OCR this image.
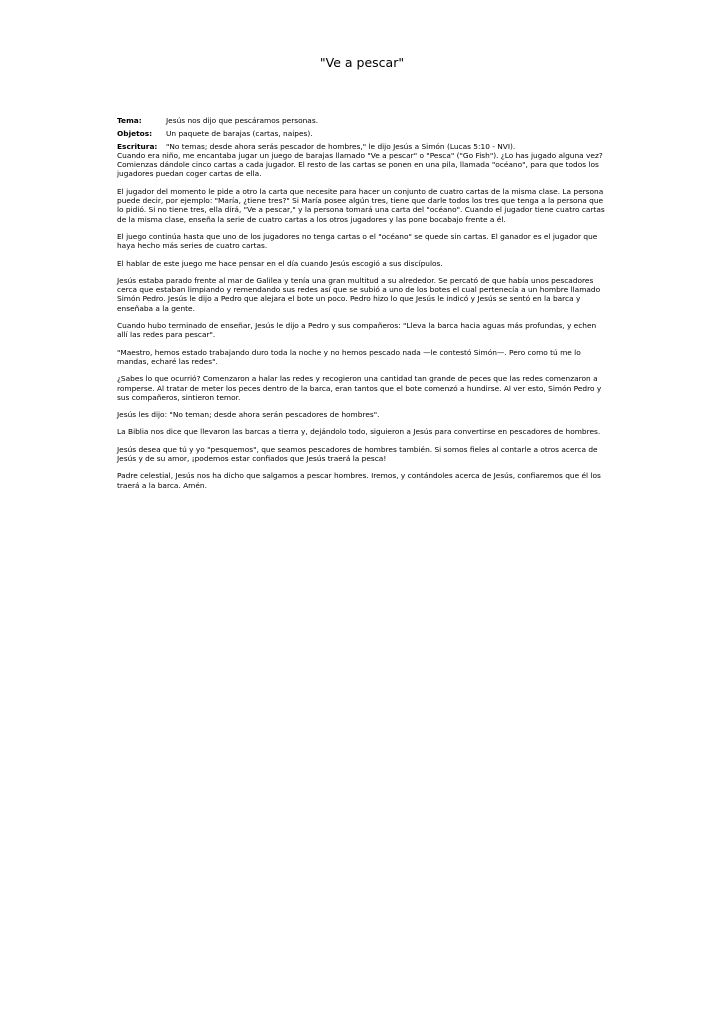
"Ve a pescar"
Tema:	Jesús nos dijo que pescáramos personas.
Objetos:	Un paquete de barajas (cartas, naipes).
Escritura:	"No temas; desde ahora serás pescador de hombres," le dijo Jesús a Simón (Lucas 5:10 - NVI).

Cuando era niño, me encantaba jugar un juego de barajas llamado "Ve a pescar" o "Pesca" ("Go Fish"). ¿Lo has jugado alguna vez? Comienzas dándole cinco cartas a cada jugador. El resto de las cartas se ponen en una pila, llamada "océano", para que todos los jugadores puedan coger cartas de ella.

El jugador del momento le pide a otro la carta que necesite para hacer un conjunto de cuatro cartas de la misma clase. La persona puede decir, por ejemplo: "María, ¿tiene tres?" Si María posee algún tres, tiene que darle todos los tres que tenga a la persona que lo pidió. Si no tiene tres, ella dirá, "Ve a pescar," y la persona tomará una carta del "océano". Cuando el jugador tiene cuatro cartas de la misma clase, enseña la serie de cuatro cartas a los otros jugadores y las pone bocabajo frente a él.

El juego continúa hasta que uno de los jugadores no tenga cartas o el "océano" se quede sin cartas. El ganador es el jugador que haya hecho más series de cuatro cartas.

El hablar de este juego me hace pensar en el día cuando Jesús escogió a sus discípulos.

Jesús estaba parado frente al mar de Galilea y tenía una gran multitud a su alrededor. Se percató de que había unos pescadores cerca que estaban limpiando y remendando sus redes así que se subió a uno de los botes el cual pertenecía a un hombre llamado Simón Pedro. Jesús le dijo a Pedro que alejara el bote un poco. Pedro hizo lo que Jesús le indicó y Jesús se sentó en la barca y enseñaba a la gente.

Cuando hubo terminado de enseñar, Jesús le dijo a Pedro y sus compañeros: "Lleva la barca hacia aguas más profundas, y echen allí las redes para pescar".

"Maestro, hemos estado trabajando duro toda la noche y no hemos pescado nada —le contestó Simón—. Pero como tú me lo mandas, echaré las redes".

¿Sabes lo que ocurrió? Comenzaron a halar las redes y recogieron una cantidad tan grande de peces que las redes comenzaron a romperse. Al tratar de meter los peces dentro de la barca, eran tantos que el bote comenzó a hundirse. Al ver esto, Simón Pedro y sus compañeros, sintieron temor.

Jesús les dijo: "No teman; desde ahora serán pescadores de hombres".

La Biblia nos dice que llevaron las barcas a tierra y, dejándolo todo, siguieron a Jesús para convertirse en pescadores de hombres.

Jesús desea que tú y yo "pesquemos", que seamos pescadores de hombres también. Si somos fieles al contarle a otros acerca de Jesús y de su amor, ¡podemos estar confiados que Jesús traerá la pesca!

Padre celestial, Jesús nos ha dicho que salgamos a pescar hombres. Iremos, y contándoles acerca de Jesús, confiaremos que él los traerá a la barca. Amén.
